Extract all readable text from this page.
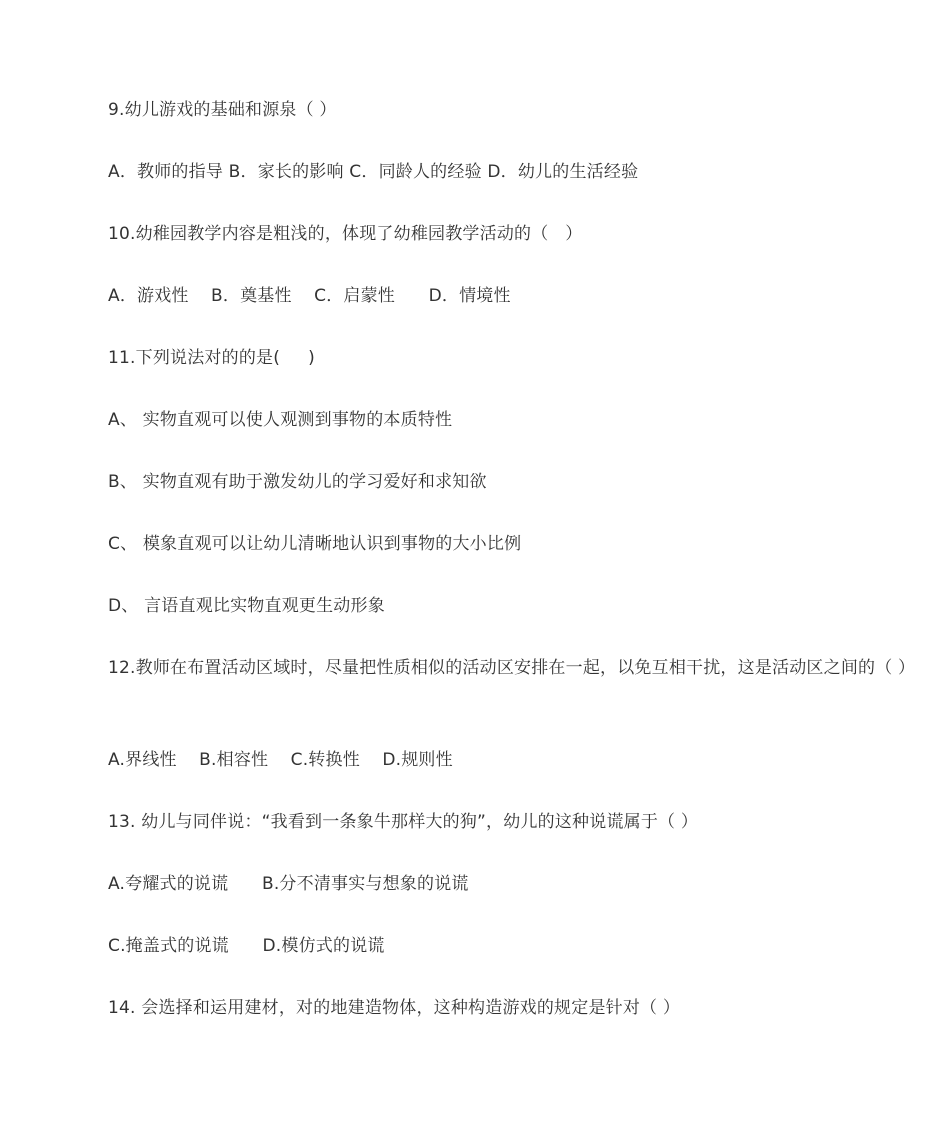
9.幼儿游戏的基础和源泉（ ）
A．教师的指导 B．家长的影响 C．同龄人的经验 D．幼儿的生活经验
10.幼稚园教学内容是粗浅的，体现了幼稚园教学活动的（   ）
A．游戏性    B．奠基性    C．启蒙性      D．情境性
11.下列说法对的的是(     )
A、 实物直观可以使人观测到事物的本质特性
B、 实物直观有助于激发幼儿的学习爱好和求知欲
C、 模象直观可以让幼儿清晰地认识到事物的大小比例
D、 言语直观比实物直观更生动形象
12.教师在布置活动区域时，尽量把性质相似的活动区安排在一起，以免互相干扰，这是活动区之间的（ ）
A.界线性    B.相容性    C.转换性    D.规则性
13. 幼儿与同伴说：“我看到一条象牛那样大的狗”，幼儿的这种说谎属于（ ）
A.夸耀式的说谎      B.分不清事实与想象的说谎
C.掩盖式的说谎      D.模仿式的说谎
14. 会选择和运用建材，对的地建造物体，这种构造游戏的规定是针对（ ）
